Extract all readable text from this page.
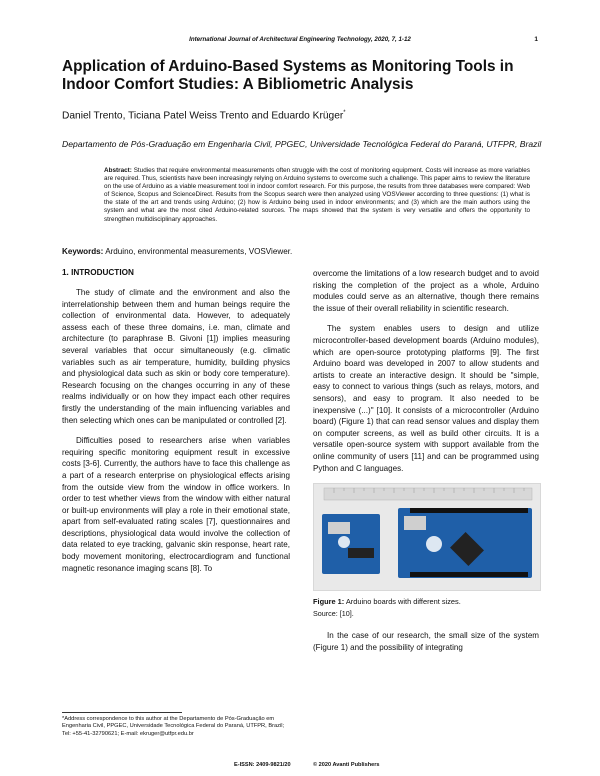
International Journal of Architectural Engineering Technology, 2020, 7, 1-12	1
Application of Arduino-Based Systems as Monitoring Tools in Indoor Comfort Studies: A Bibliometric Analysis
Daniel Trento, Ticiana Patel Weiss Trento and Eduardo Krüger*
Departamento de Pós-Graduação em Engenharia Civil, PPGEC, Universidade Tecnológica Federal do Paraná, UTFPR, Brazil
Abstract: Studies that require environmental measurements often struggle with the cost of monitoring equipment. Costs will increase as more variables are required. Thus, scientists have been increasingly relying on Arduino systems to overcome such a challenge. This paper aims to review the literature on the use of Arduino as a viable measurement tool in indoor comfort research. For this purpose, the results from three databases were compared: Web of Science, Scopus and ScienceDirect. Results from the Scopus search were then analyzed using VOSViewer according to three questions: (1) what is the state of the art and trends using Arduino; (2) how is Arduino being used in indoor environments; and (3) which are the main authors using the system and what are the most cited Arduino-related sources. The maps showed that the system is very versatile and offers the opportunity to strengthen multidisciplinary approaches.
Keywords: Arduino, environmental measurements, VOSViewer.
1. INTRODUCTION

The study of climate and the environment and also the interrelationship between them and human beings require the collection of environmental data. However, to adequately assess each of these three domains, i.e. man, climate and architecture (to paraphrase B. Givoni [1]) implies measuring several variables that occur simultaneously (e.g. climatic variables such as air temperature, humidity, building physics and physiological data such as skin or body core temperature). Research focusing on the changes occurring in any of these realms individually or on how they impact each other requires firstly the understanding of the main influencing variables and then selecting which ones can be manipulated or controlled [2].

Difficulties posed to researchers arise when variables requiring specific monitoring equipment result in excessive costs [3-6]. Currently, the authors have to face this challenge as a part of a research enterprise on physiological effects arising from the outside view from the window in office workers. In order to test whether views from the window with either natural or built-up environments will play a role in their emotional state, apart from self-evaluated rating scales [7], questionnaires and descriptions, physiological data would involve the collection of data related to eye tracking, galvanic skin response, heart rate, body movement monitoring, electrocardiogram and functional magnetic resonance imaging scans [8]. To

overcome the limitations of a low research budget and to avoid risking the completion of the project as a whole, Arduino modules could serve as an alternative, though there remains the issue of their overall reliability in scientific research.

The system enables users to design and utilize microcontroller-based development boards (Arduino modules), which are open-source prototyping platforms [9]. The first Arduino board was developed in 2007 to allow students and artists to create an interactive design. It should be "simple, easy to connect to various things (such as relays, motors, and sensors), and easy to program. It also needed to be inexpensive (...)" [10]. It consists of a microcontroller (Arduino board) (Figure 1) that can read sensor values and display them on computer screens, as well as build other circuits. It is a versatile open-source system with support available from the online community of users [11] and can be programmed using Python and C languages.

Figure 1: Arduino boards with different sizes.

Source: [10].

In the case of our research, the small size of the system (Figure 1) and the possibility of integrating

*Address correspondence to this author at the Departamento de Pós-Graduação em Engenharia Civil, PPGEC, Universidade Tecnológica Federal do Paraná, UTFPR, Brazil; Tel: +55-41-32790621; E-mail: ekruger@utfpr.edu.br
E-ISSN: 2409-9821/20	© 2020 Avanti Publishers
